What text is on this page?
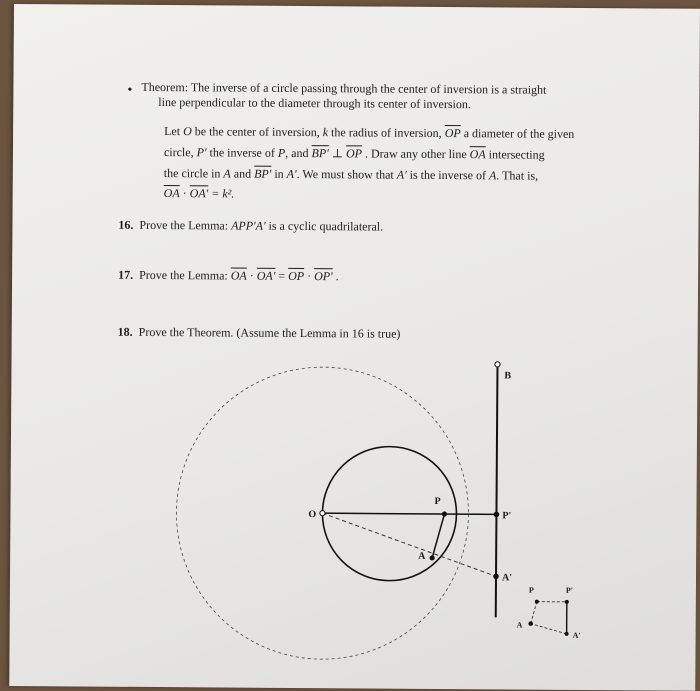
• Theorem: The inverse of a circle passing through the center of inversion is a straight
line perpendicular to the diameter through its center of inversion.
Let O be the center of inversion, k the radius of inversion, $\overline{OP}$ a diameter of the given
circle, P' the inverse of P, and BP' ⊥ $\overline{OP}$ . Draw any other line $\overline{OA}$ intersecting
the circle in A and BP' in A'. We must show that A' is the inverse of A. That is,
$\overline{OA} \cdot OA' = k^2$.
16. Prove the Lemma: APP'A' is a cyclic quadrilateral.
17. Prove the Lemma: $\overline{OA} \cdot OA' = \overline{OP} \cdot OP'$ .
18. Prove the Theorem. (Assume the Lemma in 16 is true)
B
O
P
P'
A
A'
P	P'
A
A'
